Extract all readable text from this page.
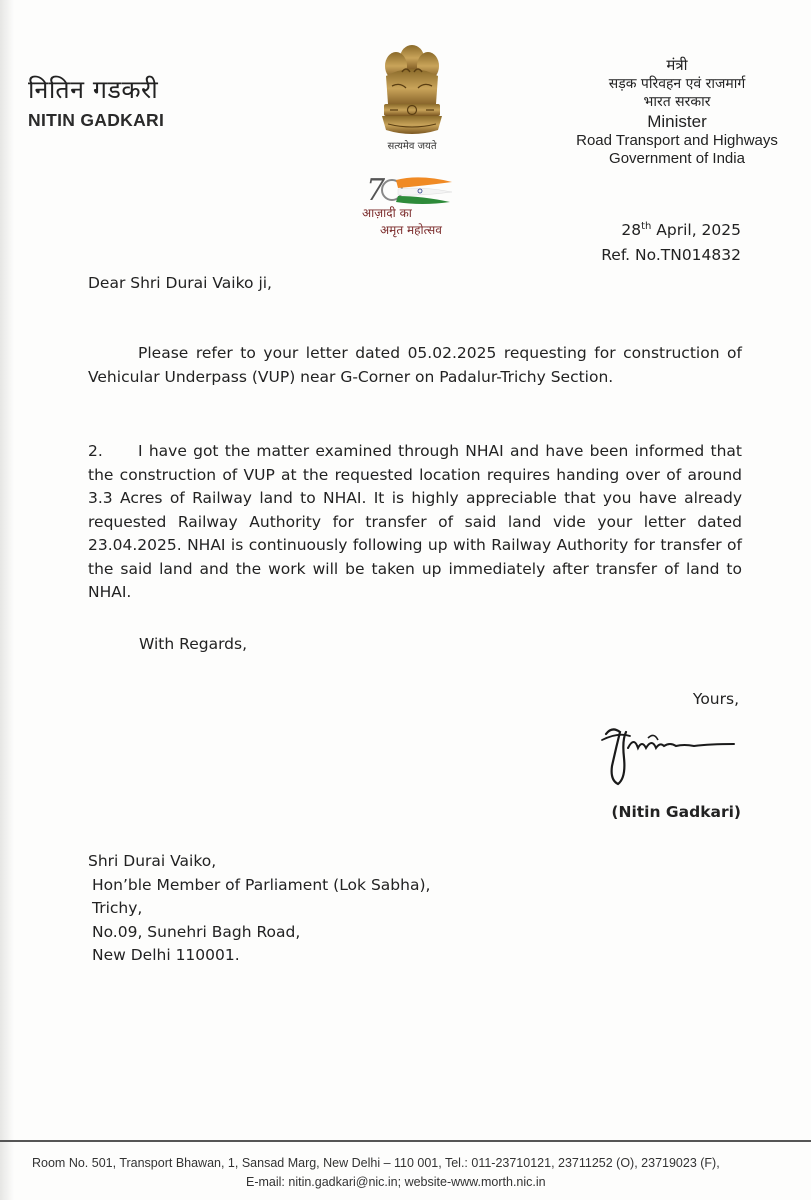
नितिन गडकरी
NITIN GADKARI
सत्यमेव जयते
7
आज़ादी का
अमृत महोत्सव
मंत्री
सड़क परिवहन एवं राजमार्ग
भारत सरकार
Minister
Road Transport and Highways
Government of India
28th April, 2025
Ref. No.TN014832
Dear Shri Durai Vaiko ji,
Please refer to your letter dated 05.02.2025 requesting for construction of Vehicular Underpass (VUP) near G-Corner on Padalur-Trichy Section.
2. I have got the matter examined through NHAI and have been informed that the construction of VUP at the requested location requires handing over of around 3.3 Acres of Railway land to NHAI. It is highly appreciable that you have already requested Railway Authority for transfer of said land vide your letter dated 23.04.2025. NHAI is continuously following up with Railway Authority for transfer of the said land and the work will be taken up immediately after transfer of land to NHAI.
With Regards,
Yours,
(Nitin Gadkari)
Shri Durai Vaiko,
Hon’ble Member of Parliament (Lok Sabha),
Trichy,
No.09, Sunehri Bagh Road,
New Delhi 110001.
Room No. 501, Transport Bhawan, 1, Sansad Marg, New Delhi – 110 001, Tel.: 011-23710121, 23711252 (O), 23719023 (F),
E-mail: nitin.gadkari@nic.in; website-www.morth.nic.in
